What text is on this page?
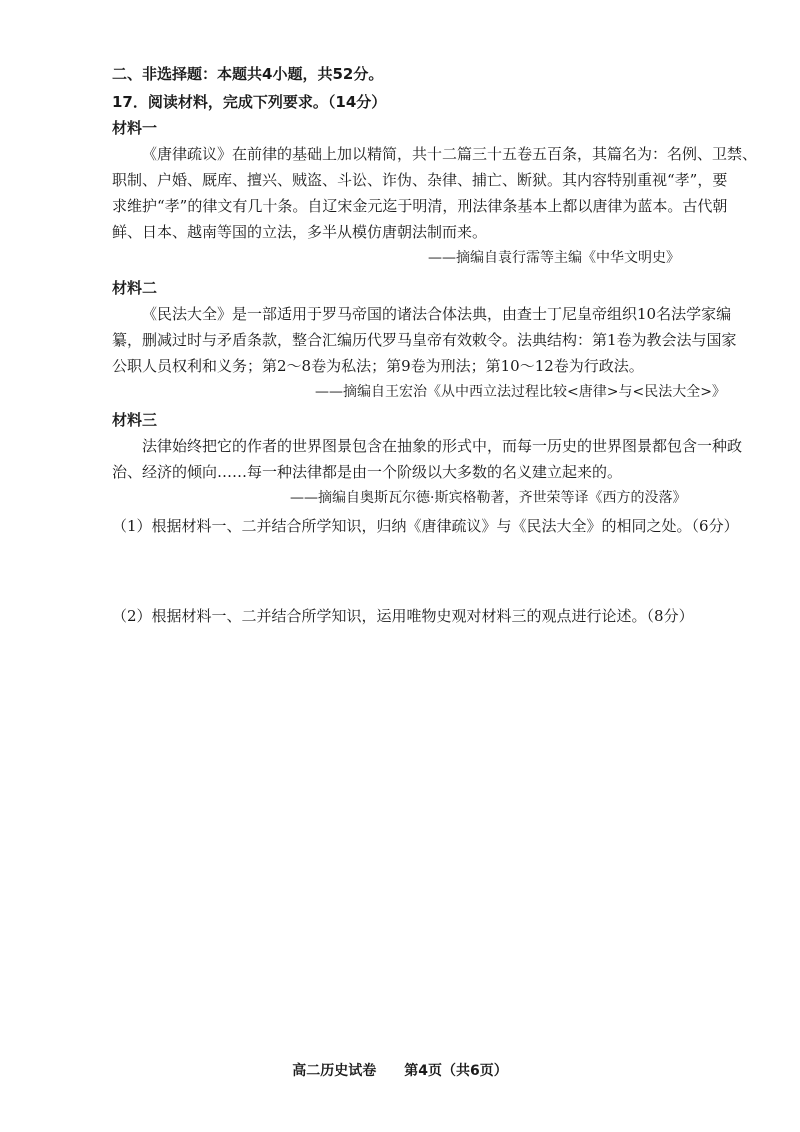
二、非选择题：本题共4小题，共52分。
17．阅读材料，完成下列要求。（14分）
材料一
《唐律疏议》在前律的基础上加以精简，共十二篇三十五卷五百条，其篇名为：名例、卫禁、
职制、户婚、厩库、擅兴、贼盗、斗讼、诈伪、杂律、捕亡、断狱。其内容特别重视“孝”，要
求维护“孝”的律文有几十条。自辽宋金元迄于明清，刑法律条基本上都以唐律为蓝本。古代朝
鲜、日本、越南等国的立法，多半从模仿唐朝法制而来。
——摘编自袁行霈等主编《中华文明史》
材料二
《民法大全》是一部适用于罗马帝国的诸法合体法典，由查士丁尼皇帝组织10名法学家编
纂，删减过时与矛盾条款，整合汇编历代罗马皇帝有效敕令。法典结构：第1卷为教会法与国家
公职人员权利和义务；第2～8卷为私法；第9卷为刑法；第10～12卷为行政法。
——摘编自王宏治《从中西立法过程比较<唐律>与<民法大全>》
材料三
法律始终把它的作者的世界图景包含在抽象的形式中，而每一历史的世界图景都包含一种政
治、经济的倾向……每一种法律都是由一个阶级以大多数的名义建立起来的。
——摘编自奥斯瓦尔德·斯宾格勒著，齐世荣等译《西方的没落》
（1）根据材料一、二并结合所学知识，归纳《唐律疏议》与《民法大全》的相同之处。（6分）
（2）根据材料一、二并结合所学知识，运用唯物史观对材料三的观点进行论述。（8分）
高二历史试卷　　第4页（共6页）
